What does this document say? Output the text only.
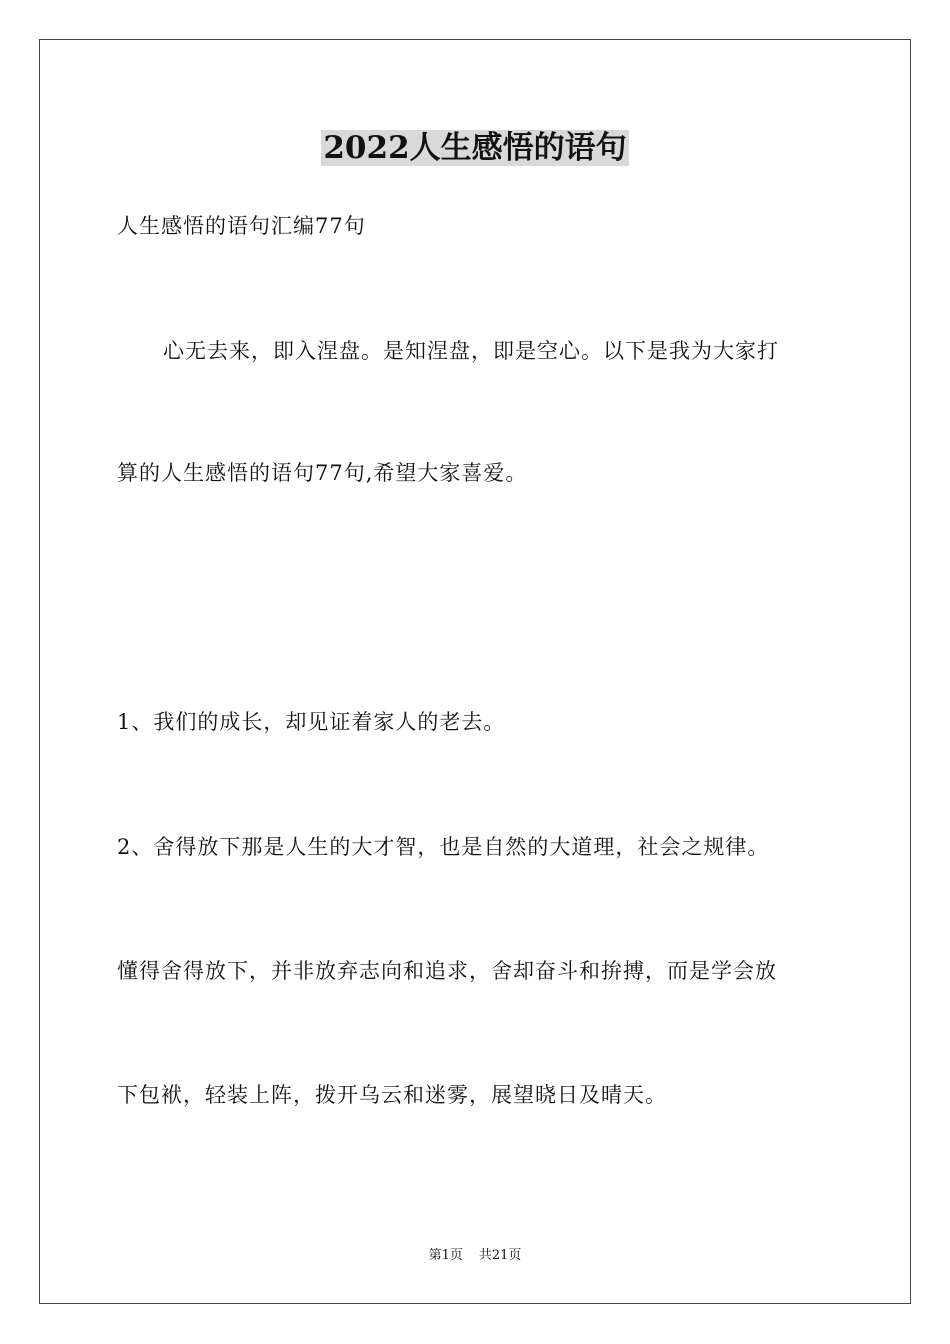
2022人生感悟的语句
人生感悟的语句汇编77句
心无去来，即入涅盘。是知涅盘，即是空心。以下是我为大家打
算的人生感悟的语句77句,希望大家喜爱。
1、我们的成长，却见证着家人的老去。
2、舍得放下那是人生的大才智，也是自然的大道理，社会之规律。
懂得舍得放下，并非放弃志向和追求，舍却奋斗和拚搏，而是学会放
下包袱，轻装上阵，拨开乌云和迷雾，展望晓日及晴天。
第1页 共21页
